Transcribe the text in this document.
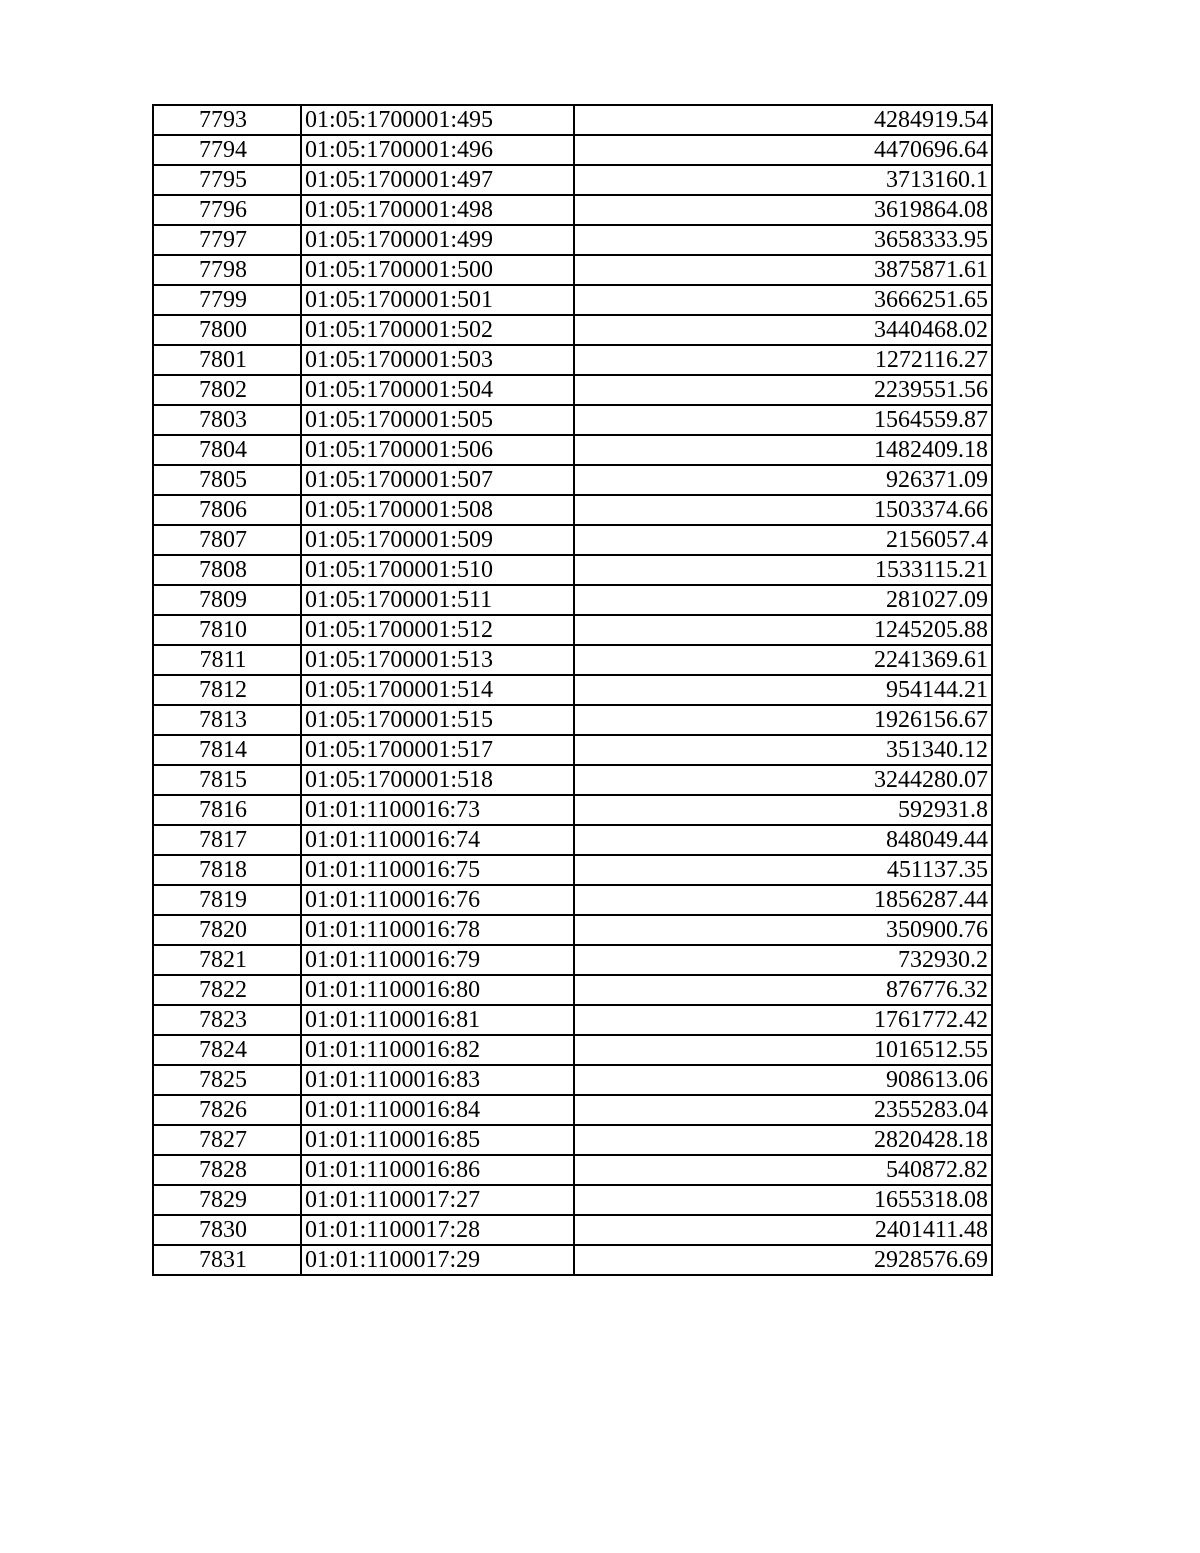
7793	01:05:1700001:495	4284919.54
7794	01:05:1700001:496	4470696.64
7795	01:05:1700001:497	3713160.1
7796	01:05:1700001:498	3619864.08
7797	01:05:1700001:499	3658333.95
7798	01:05:1700001:500	3875871.61
7799	01:05:1700001:501	3666251.65
7800	01:05:1700001:502	3440468.02
7801	01:05:1700001:503	1272116.27
7802	01:05:1700001:504	2239551.56
7803	01:05:1700001:505	1564559.87
7804	01:05:1700001:506	1482409.18
7805	01:05:1700001:507	926371.09
7806	01:05:1700001:508	1503374.66
7807	01:05:1700001:509	2156057.4
7808	01:05:1700001:510	1533115.21
7809	01:05:1700001:511	281027.09
7810	01:05:1700001:512	1245205.88
7811	01:05:1700001:513	2241369.61
7812	01:05:1700001:514	954144.21
7813	01:05:1700001:515	1926156.67
7814	01:05:1700001:517	351340.12
7815	01:05:1700001:518	3244280.07
7816	01:01:1100016:73	592931.8
7817	01:01:1100016:74	848049.44
7818	01:01:1100016:75	451137.35
7819	01:01:1100016:76	1856287.44
7820	01:01:1100016:78	350900.76
7821	01:01:1100016:79	732930.2
7822	01:01:1100016:80	876776.32
7823	01:01:1100016:81	1761772.42
7824	01:01:1100016:82	1016512.55
7825	01:01:1100016:83	908613.06
7826	01:01:1100016:84	2355283.04
7827	01:01:1100016:85	2820428.18
7828	01:01:1100016:86	540872.82
7829	01:01:1100017:27	1655318.08
7830	01:01:1100017:28	2401411.48
7831	01:01:1100017:29	2928576.69
